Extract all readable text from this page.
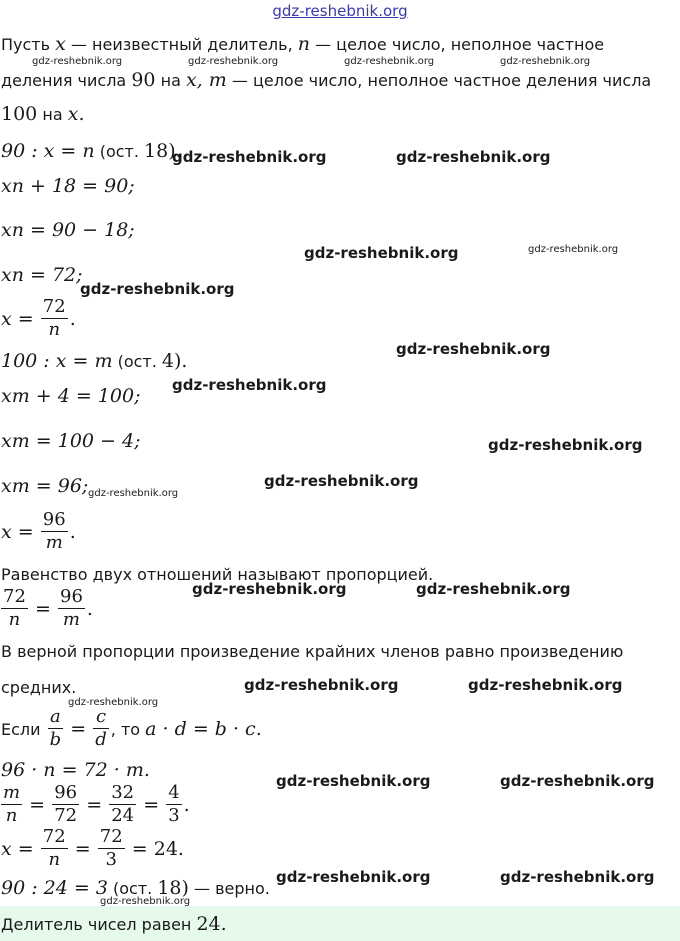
gdz-reshebnik.org
Пусть x — неизвестный делитель, n — целое число, неполное частное
деления числа 90 на x, m — целое число, неполное частное деления числа
100 на x.
90 : x = n (ост. 18).
xn + 18 = 90;
xn = 90 − 18;
xn = 72;
$x = \frac{72}{n}$ .
100 : x = m (ост. 4).
xm + 4 = 100;
xm = 100 − 4;
xm = 96;
$x = \frac{96}{m}$ .
Равенство двух отношений называют пропорцией.
$\frac{72}{n} = \frac{96}{m}$ .
В верной пропорции произведение крайних членов равно произведению
средних.
Если $\frac{a}{b} = \frac{c}{d}$ , то a · d = b · c.
96 · n = 72 · m.
$\frac{m}{n} = \frac{96}{72} = \frac{32}{24} = \frac{4}{3}$ .
$x = \frac{72}{n} = \frac{72}{3} = 24$.
90 : 24 = 3 (ост. 18) — верно.
Делитель чисел равен 24.
gdz-reshebnik.org	gdz-reshebnik.org	gdz-reshebnik.org	gdz-reshebnik.org
gdz-reshebnik.org	gdz-reshebnik.org
gdz-reshebnik.org	gdz-reshebnik.org
gdz-reshebnik.org
gdz-reshebnik.org
gdz-reshebnik.org
gdz-reshebnik.org
gdz-reshebnik.org
gdz-reshebnik.org
gdz-reshebnik.org	gdz-reshebnik.org
gdz-reshebnik.org	gdz-reshebnik.org
gdz-reshebnik.org
gdz-reshebnik.org	gdz-reshebnik.org
gdz-reshebnik.org	gdz-reshebnik.org
gdz-reshebnik.org
